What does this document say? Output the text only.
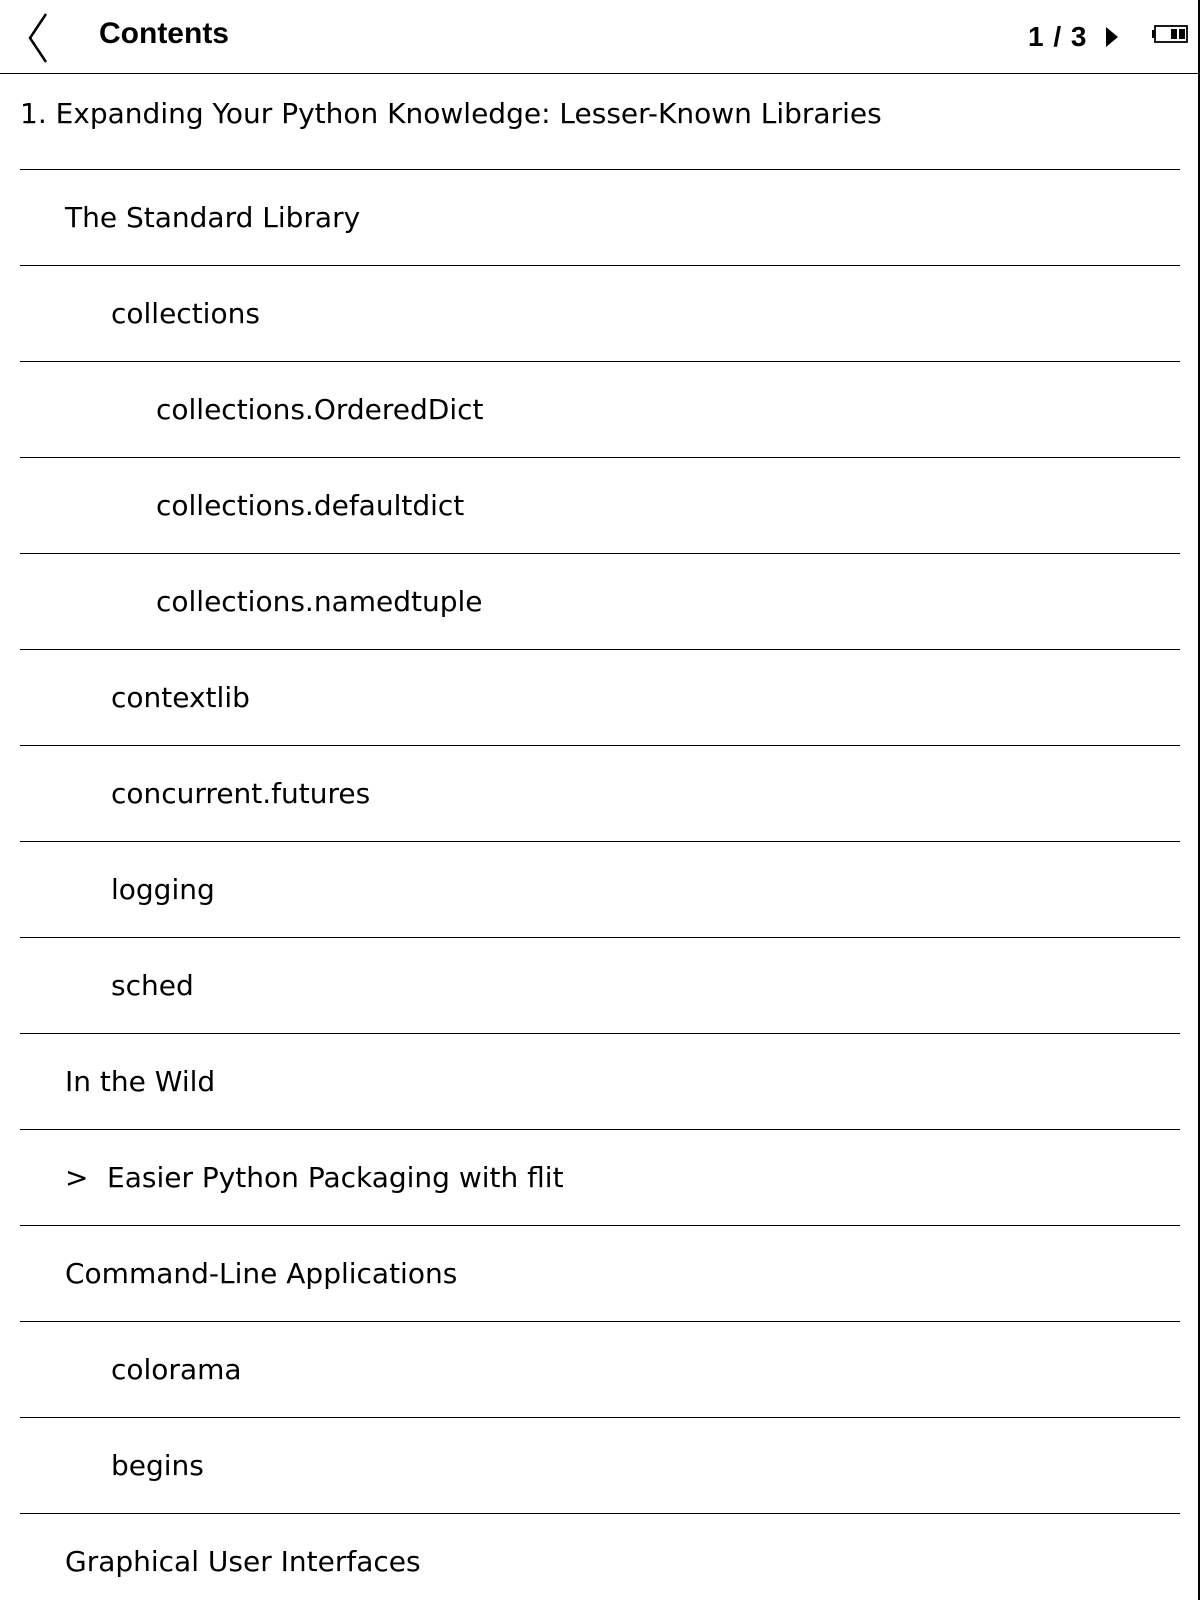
Contents	1 / 3
1. Expanding Your Python Knowledge: Lesser-Known Libraries
The Standard Library
collections
collections.OrderedDict
collections.defaultdict
collections.namedtuple
contextlib
concurrent.futures
logging
sched
In the Wild
> Easier Python Packaging with flit
Command-Line Applications
colorama
begins
Graphical User Interfaces
